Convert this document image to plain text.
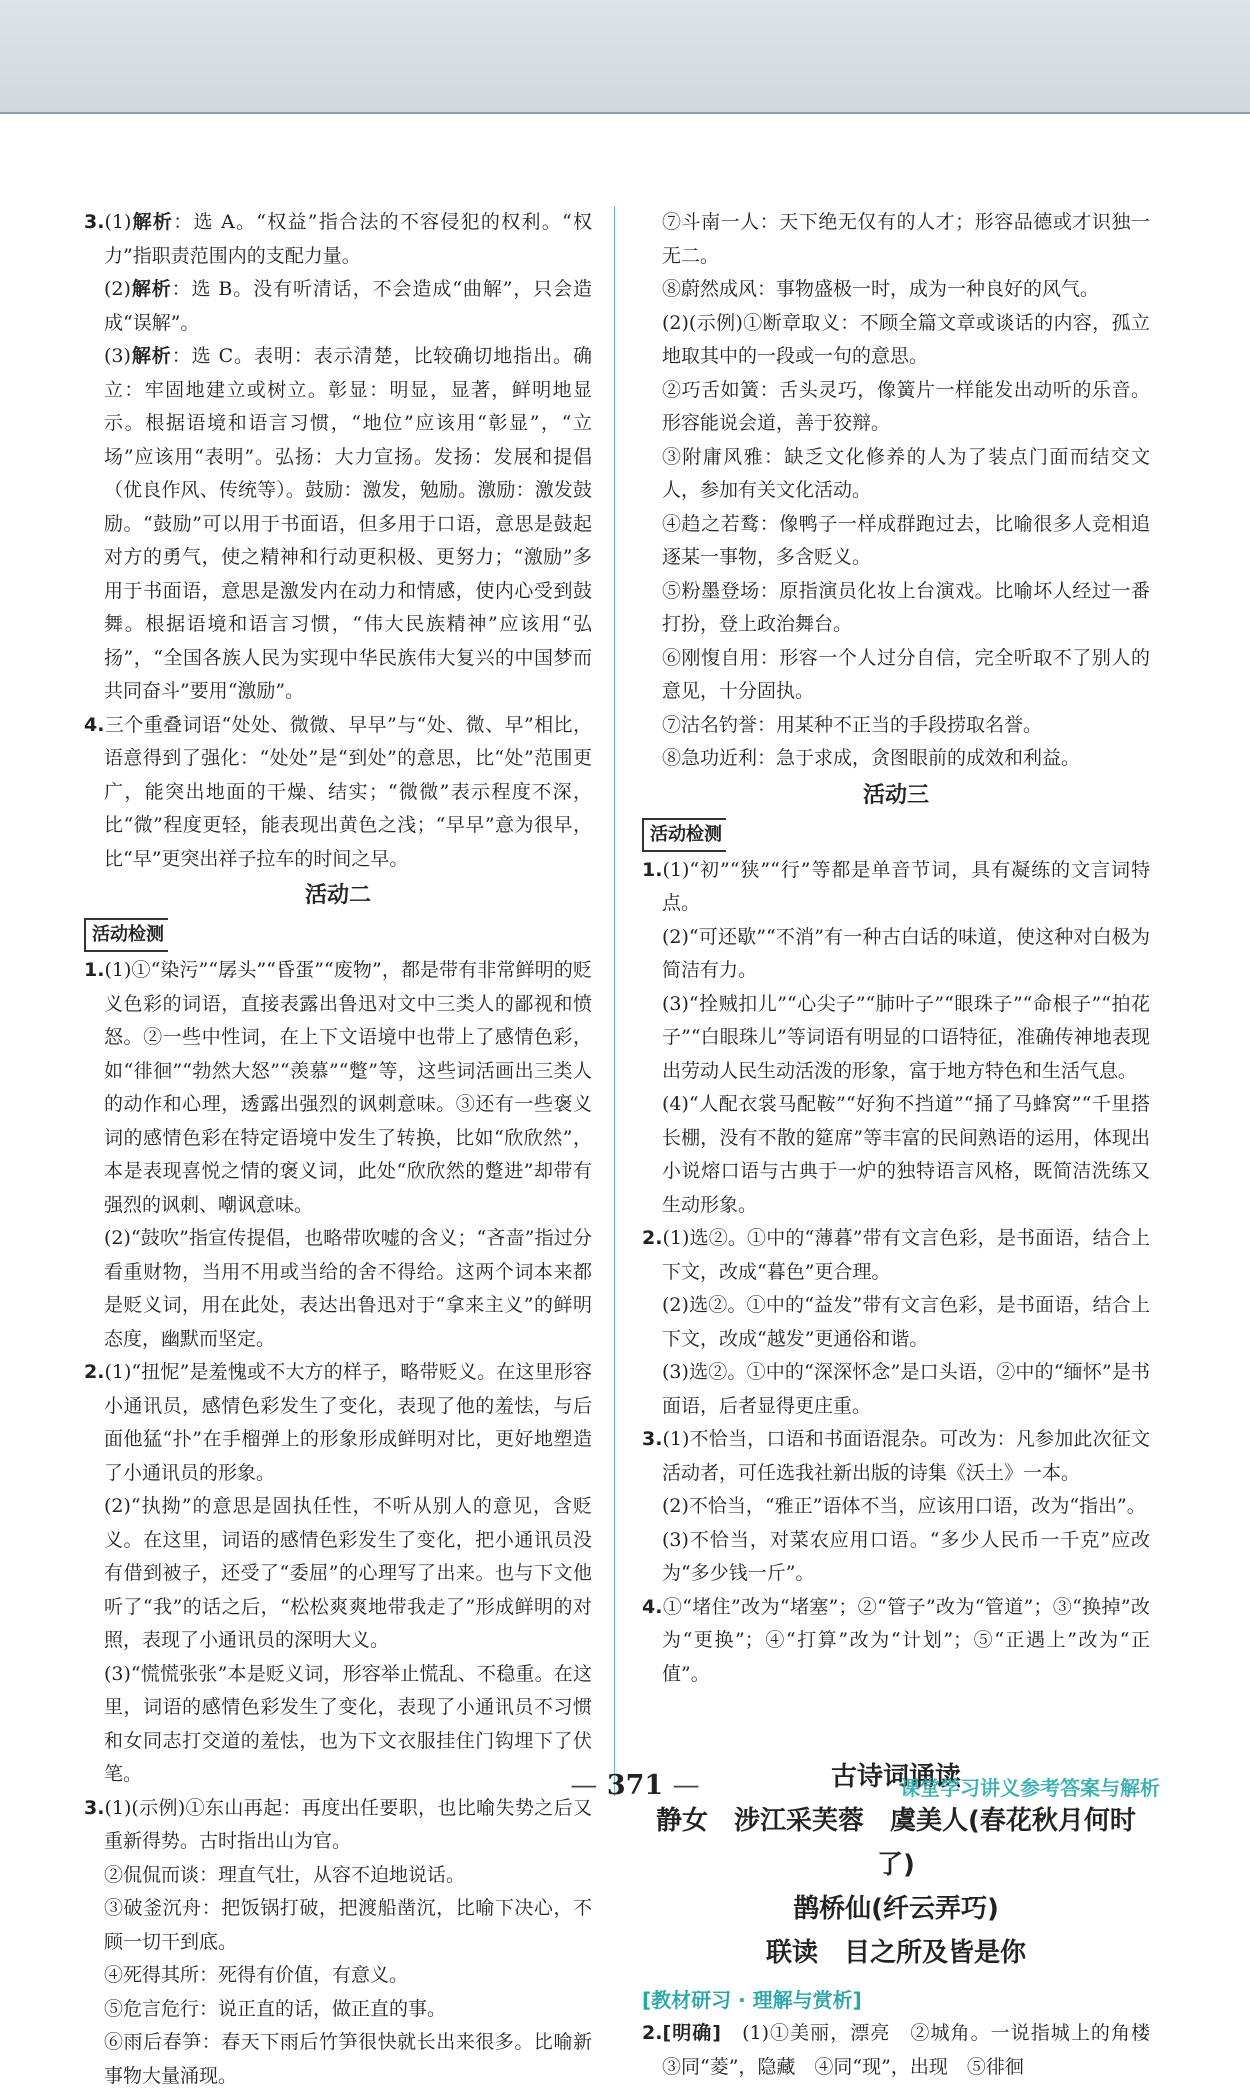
3.(1)解析：选 A。“权益”指合法的不容侵犯的权利。“权力”指职责范围内的支配力量。

(2)解析：选 B。没有听清话，不会造成“曲解”，只会造成“误解”。

(3)解析：选 C。表明：表示清楚，比较确切地指出。确立：牢固地建立或树立。彰显：明显，显著，鲜明地显示。根据语境和语言习惯，“地位”应该用“彰显”，“立场”应该用“表明”。弘扬：大力宣扬。发扬：发展和提倡（优良作风、传统等）。鼓励：激发，勉励。激励：激发鼓励。“鼓励”可以用于书面语，但多用于口语，意思是鼓起对方的勇气，使之精神和行动更积极、更努力；“激励”多用于书面语，意思是激发内在动力和情感，使内心受到鼓舞。根据语境和语言习惯，“伟大民族精神”应该用“弘扬”，“全国各族人民为实现中华民族伟大复兴的中国梦而共同奋斗”要用“激励”。

4.三个重叠词语“处处、微微、早早”与“处、微、早”相比，语意得到了强化：“处处”是“到处”的意思，比“处”范围更广，能突出地面的干燥、结实；“微微”表示程度不深，比“微”程度更轻，能表现出黄色之浅；“早早”意为很早，比“早”更突出祥子拉车的时间之早。

活动二
活动检测

1.(1)①“染污”“孱头”“昏蛋”“废物”，都是带有非常鲜明的贬义色彩的词语，直接表露出鲁迅对文中三类人的鄙视和愤怒。②一些中性词，在上下文语境中也带上了感情色彩，如“徘徊”“勃然大怒”“羡慕”“蹩”等，这些词活画出三类人的动作和心理，透露出强烈的讽刺意味。③还有一些褒义词的感情色彩在特定语境中发生了转换，比如“欣欣然”，本是表现喜悦之情的褒义词，此处“欣欣然的蹩进”却带有强烈的讽刺、嘲讽意味。

(2)“鼓吹”指宣传提倡，也略带吹嘘的含义；“吝啬”指过分看重财物，当用不用或当给的舍不得给。这两个词本来都是贬义词，用在此处，表达出鲁迅对于“拿来主义”的鲜明态度，幽默而坚定。

2.(1)“扭怩”是羞愧或不大方的样子，略带贬义。在这里形容小通讯员，感情色彩发生了变化，表现了他的羞怯，与后面他猛“扑”在手榴弹上的形象形成鲜明对比，更好地塑造了小通讯员的形象。

(2)“执拗”的意思是固执任性，不听从别人的意见，含贬义。在这里，词语的感情色彩发生了变化，把小通讯员没有借到被子，还受了“委屈”的心理写了出来。也与下文他听了“我”的话之后，“松松爽爽地带我走了”形成鲜明的对照，表现了小通讯员的深明大义。

(3)“慌慌张张”本是贬义词，形容举止慌乱、不稳重。在这里，词语的感情色彩发生了变化，表现了小通讯员不习惯和女同志打交道的羞怯，也为下文衣服挂住门钩埋下了伏笔。

3.(1)(示例)①东山再起：再度出任要职，也比喻失势之后又重新得势。古时指出山为官。

②侃侃而谈：理直气壮，从容不迫地说话。

③破釜沉舟：把饭锅打破，把渡船凿沉，比喻下决心，不顾一切干到底。

④死得其所：死得有价值，有意义。

⑤危言危行：说正直的话，做正直的事。

⑥雨后春笋：春天下雨后竹笋很快就长出来很多。比喻新事物大量涌现。

⑦斗南一人：天下绝无仅有的人才；形容品德或才识独一无二。

⑧蔚然成风：事物盛极一时，成为一种良好的风气。

(2)(示例)①断章取义：不顾全篇文章或谈话的内容，孤立地取其中的一段或一句的意思。

②巧舌如簧：舌头灵巧，像簧片一样能发出动听的乐音。形容能说会道，善于狡辩。

③附庸风雅：缺乏文化修养的人为了装点门面而结交文人，参加有关文化活动。

④趋之若鹜：像鸭子一样成群跑过去，比喻很多人竞相追逐某一事物，多含贬义。

⑤粉墨登场：原指演员化妆上台演戏。比喻坏人经过一番打扮，登上政治舞台。

⑥刚愎自用：形容一个人过分自信，完全听取不了别人的意见，十分固执。

⑦沽名钓誉：用某种不正当的手段捞取名誉。

⑧急功近利：急于求成，贪图眼前的成效和利益。

活动三
活动检测

1.(1)“初”“狭”“行”等都是单音节词，具有凝练的文言词特点。

(2)“可还歇”“不消”有一种古白话的味道，使这种对白极为简洁有力。

(3)“拴贼扣儿”“心尖子”“肺叶子”“眼珠子”“命根子”“拍花子”“白眼珠儿”等词语有明显的口语特征，准确传神地表现出劳动人民生动活泼的形象，富于地方特色和生活气息。

(4)“人配衣裳马配鞍”“好狗不挡道”“捅了马蜂窝”“千里搭长棚，没有不散的筵席”等丰富的民间熟语的运用，体现出小说熔口语与古典于一炉的独特语言风格，既简洁洗练又生动形象。

2.(1)选②。①中的“薄暮”带有文言色彩，是书面语，结合上下文，改成“暮色”更合理。

(2)选②。①中的“益发”带有文言色彩，是书面语，结合上下文，改成“越发”更通俗和谐。

(3)选②。①中的“深深怀念”是口头语，②中的“缅怀”是书面语，后者显得更庄重。

3.(1)不恰当，口语和书面语混杂。可改为：凡参加此次征文活动者，可任选我社新出版的诗集《沃土》一本。

(2)不恰当，“雅正”语体不当，应该用口语，改为“指出”。

(3)不恰当，对菜农应用口语。“多少人民币一千克”应改为“多少钱一斤”。

4.①“堵住”改为“堵塞”；②“管子”改为“管道”；③“换掉”改为“更换”；④“打算”改为“计划”；⑤“正遇上”改为“正值”。

古诗词诵读
静女　涉江采芙蓉　虞美人(春花秋月何时了)
鹊桥仙(纤云弄巧)
联读　目之所及皆是你
[教材研习 · 理解与赏析]

2.[明确]　(1)①美丽，漂亮　②城角。一说指城上的角楼　③同“菱”，隐藏　④同“现”，出现　⑤徘徊

— 371 —	课堂学习讲义参考答案与解析
